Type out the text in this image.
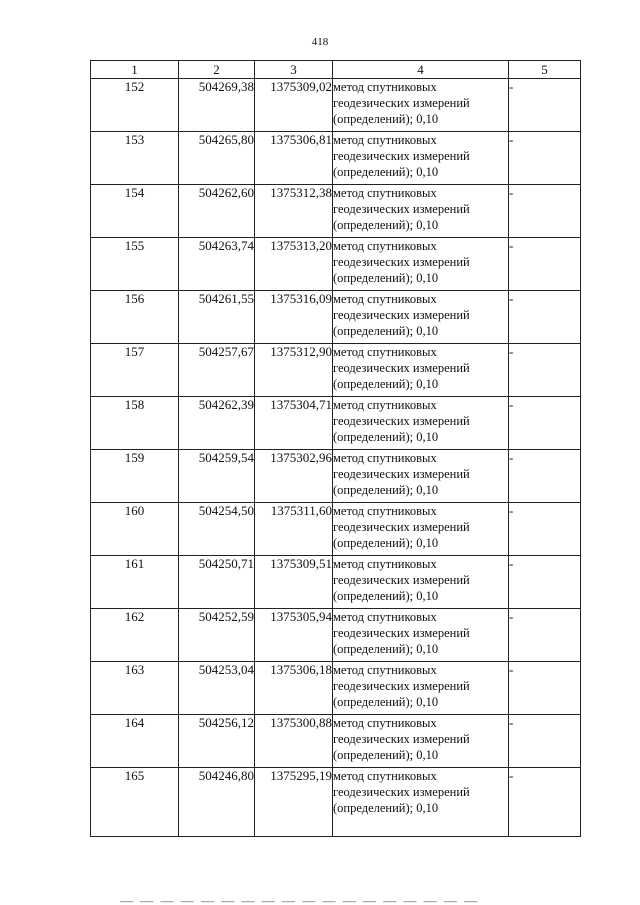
418
1	2	3	4	5
152	504269,38	1375309,02	метод спутниковых
геодезических измерений
(определений); 0,10	-
153	504265,80	1375306,81	метод спутниковых
геодезических измерений
(определений); 0,10	-
154	504262,60	1375312,38	метод спутниковых
геодезических измерений
(определений); 0,10	-
155	504263,74	1375313,20	метод спутниковых
геодезических измерений
(определений); 0,10	-
156	504261,55	1375316,09	метод спутниковых
геодезических измерений
(определений); 0,10	-
157	504257,67	1375312,90	метод спутниковых
геодезических измерений
(определений); 0,10	-
158	504262,39	1375304,71	метод спутниковых
геодезических измерений
(определений); 0,10	-
159	504259,54	1375302,96	метод спутниковых
геодезических измерений
(определений); 0,10	-
160	504254,50	1375311,60	метод спутниковых
геодезических измерений
(определений); 0,10	-
161	504250,71	1375309,51	метод спутниковых
геодезических измерений
(определений); 0,10	-
162	504252,59	1375305,94	метод спутниковых
геодезических измерений
(определений); 0,10	-
163	504253,04	1375306,18	метод спутниковых
геодезических измерений
(определений); 0,10	-
164	504256,12	1375300,88	метод спутниковых
геодезических измерений
(определений); 0,10	-
165	504246,80	1375295,19	метод спутниковых
геодезических измерений
(определений); 0,10	-
— — — — — — — — — — — — — — — — — —
